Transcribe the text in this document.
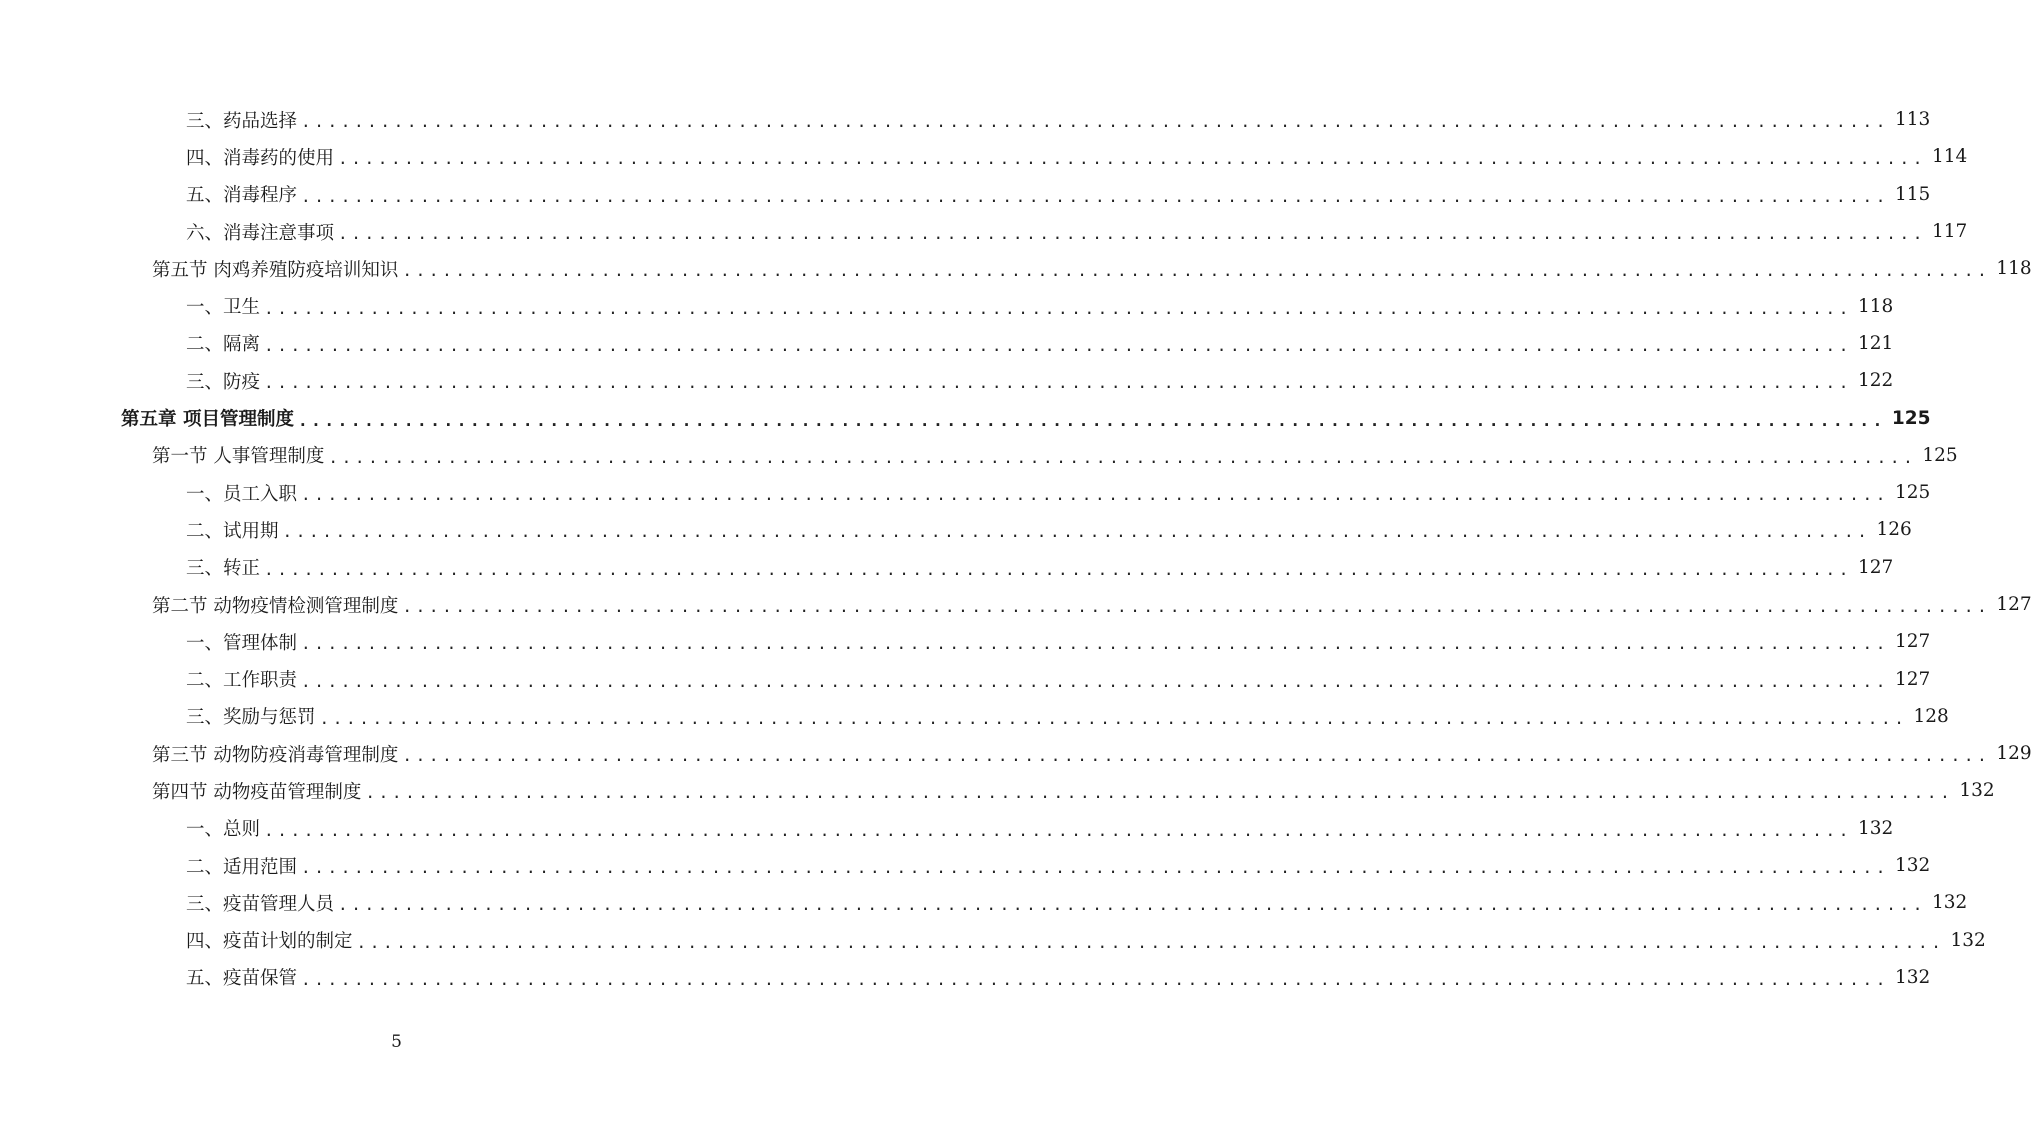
三、药品选择 ........................................................................................................................ 113
四、消毒药的使用 ........................................................................................................................ 114
五、消毒程序 ........................................................................................................................ 115
六、消毒注意事项 ........................................................................................................................ 117
第五节 肉鸡养殖防疫培训知识 ........................................................................................................................ 118
一、卫生 ........................................................................................................................ 118
二、隔离 ........................................................................................................................ 121
三、防疫 ........................................................................................................................ 122
第五章 项目管理制度 ........................................................................................................................ 125
第一节 人事管理制度 ........................................................................................................................ 125
一、员工入职 ........................................................................................................................ 125
二、试用期 ........................................................................................................................ 126
三、转正 ........................................................................................................................ 127
第二节 动物疫情检测管理制度 ........................................................................................................................ 127
一、管理体制 ........................................................................................................................ 127
二、工作职责 ........................................................................................................................ 127
三、奖励与惩罚 ........................................................................................................................ 128
第三节 动物防疫消毒管理制度 ........................................................................................................................ 129
第四节 动物疫苗管理制度 ........................................................................................................................ 132
一、总则 ........................................................................................................................ 132
二、适用范围 ........................................................................................................................ 132
三、疫苗管理人员 ........................................................................................................................ 132
四、疫苗计划的制定 ........................................................................................................................ 132
五、疫苗保管 ........................................................................................................................ 132
5
